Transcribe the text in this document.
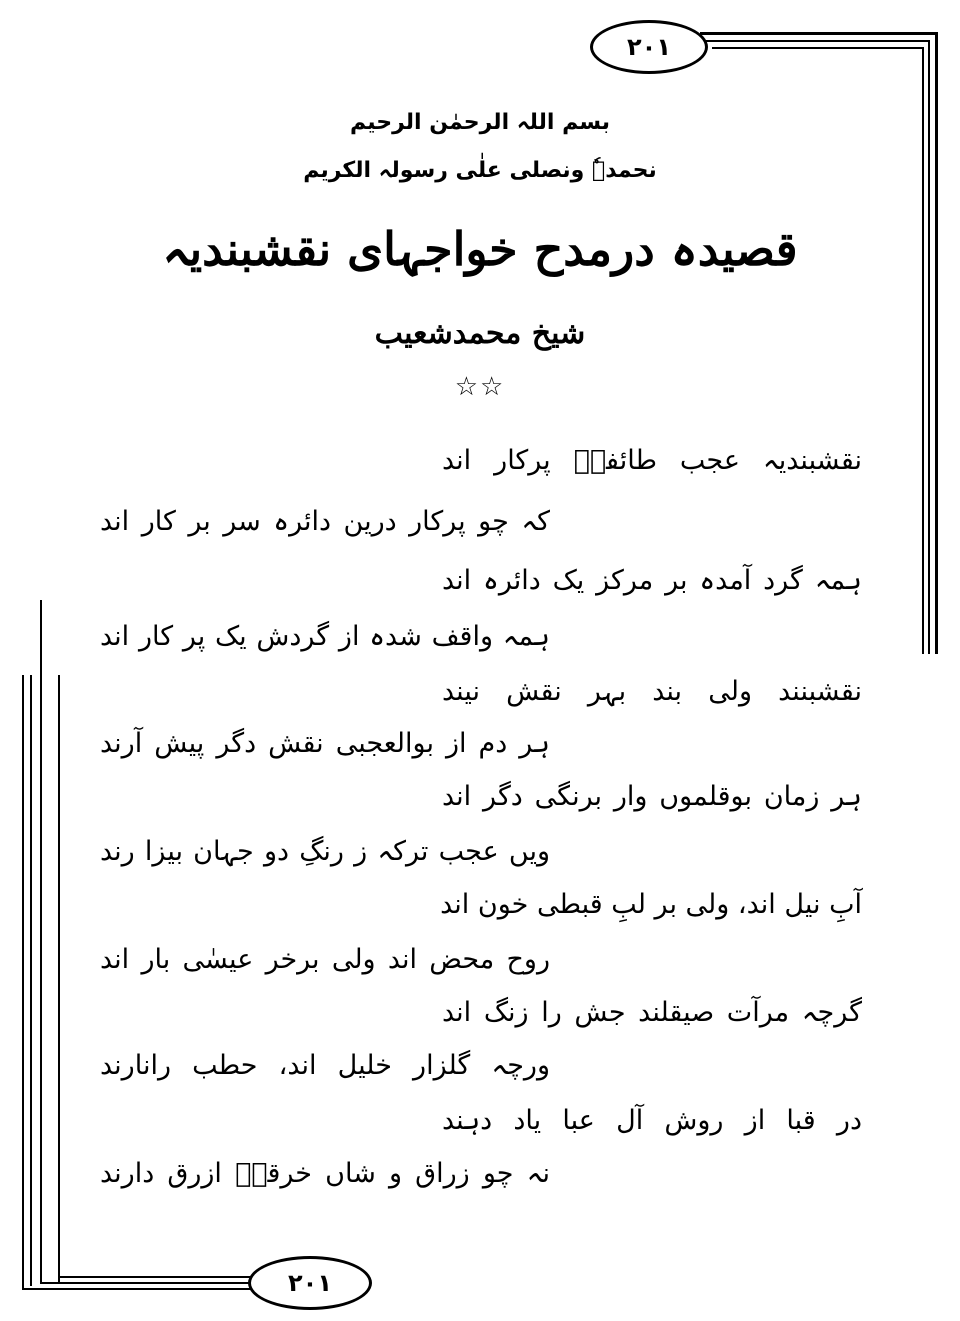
۲۰۱
۲۰۱
بسم اللہ الرحمٰن الرحیم
نحمدہٗ ونصلی علٰی رسولہ الکریم
قصیدہ درمدح خواجہای نقشبندیہ
شیخ محمدشعیب
☆☆
نقشبندیہ عجب طائفہٗ پرکار اند
کہ چو پرکار درین دائرہ سر بر کار اند
ہمہ گرد آمدہ بر مرکز یک دائرہ اند
ہمہ واقف شدہ از گردش یک پر کار اند
نقشبنند ولی بند بہر نقش نیند
ہر دم از بوالعجبی نقش دگر پیش آرند
ہر زمان بوقلموں وار برنگی دگر اند
ویں عجب ترکہ ز رنگِ دو جہان بیزا رند
آبِ نیل اند، ولی بر لبِ قبطی خون اند
روح محض اند ولی برخر عیسٰی بار اند
گرچہ مرآت صیقلند جش را زنگ اند
ورچہ گلزار خلیل اند، حطب رانارند
در قبا از روش آل عبا یاد دہند
نہ چو زراق و شاں خرقہٗ ازرق دارند
